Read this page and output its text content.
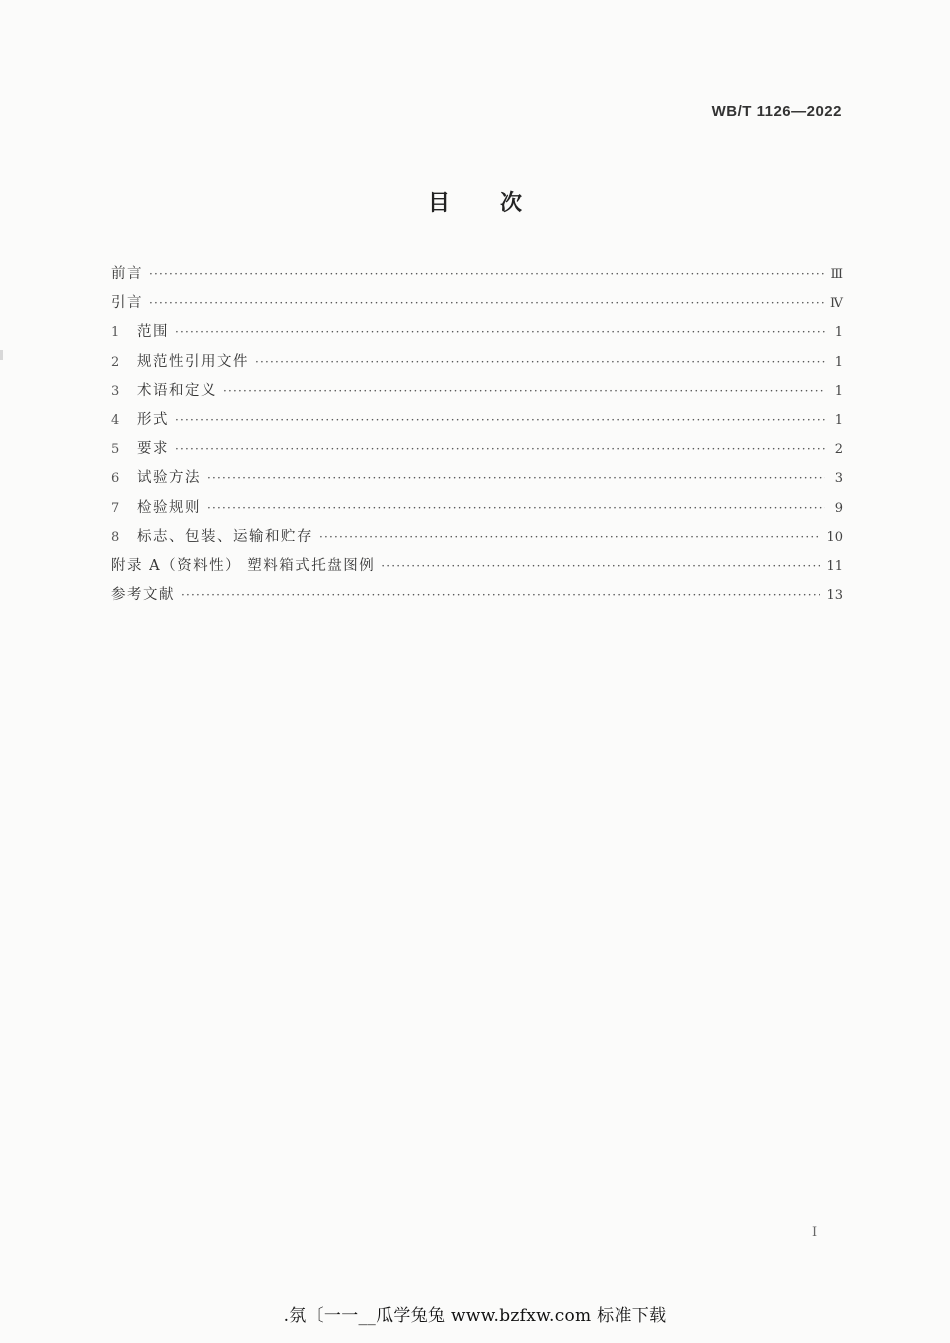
WB/T 1126—2022
目次
前言 ·····	Ⅲ
引言 ·····	Ⅳ
1	范围 ·····	1
2	规范性引用文件 ·····	1
3	术语和定义 ·····	1
4	形式 ·····	1
5	要求 ·····	2
6	试验方法 ·····	3
7	检验规则 ·····	9
8	标志、包装、运输和贮存 ·····	10
附录 A（资料性） 塑料箱式托盘图例 ·····	11
参考文献 ·····	13
I
.氛〔一一__瓜学兔兔 www.bzfxw.com 标准下载
